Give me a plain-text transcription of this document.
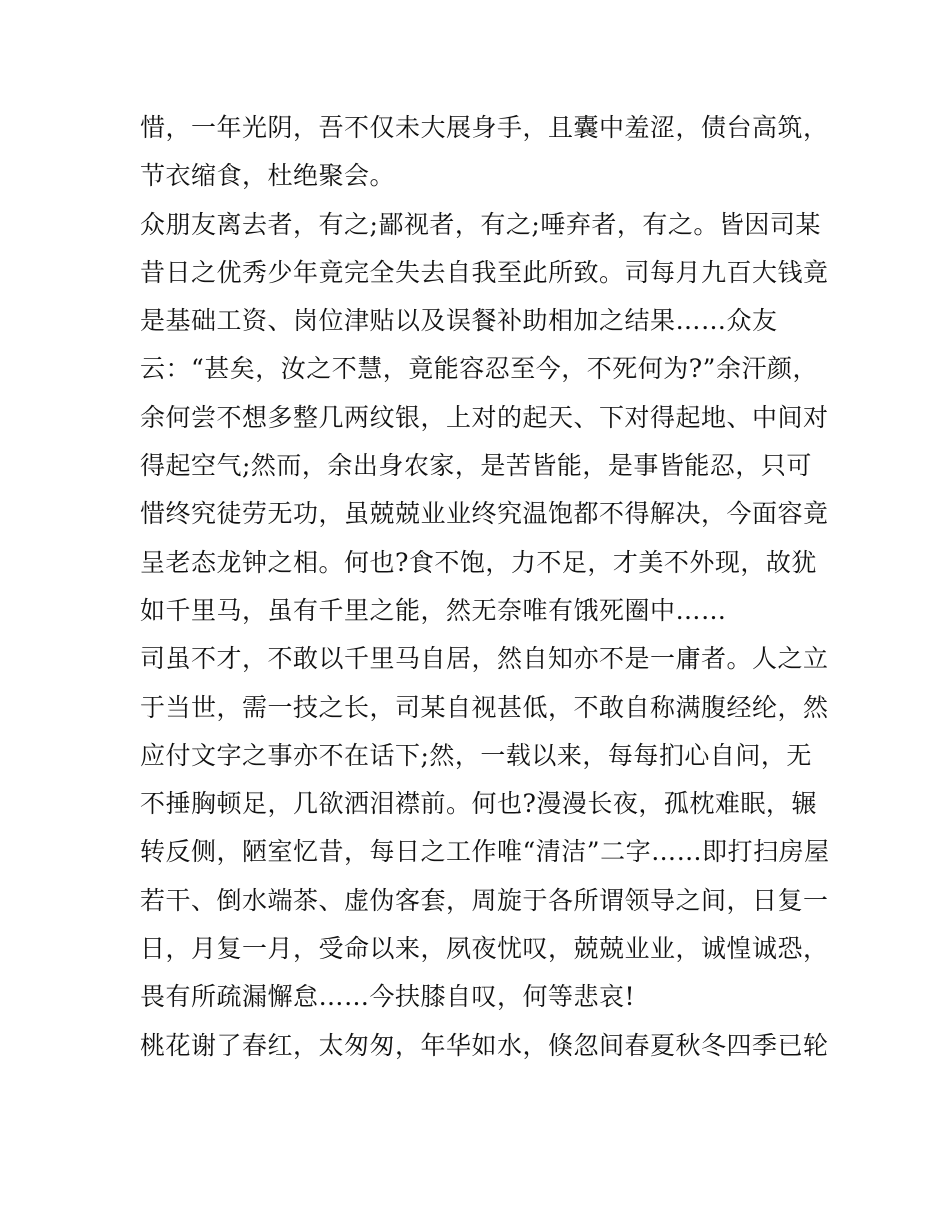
惜，一年光阴，吾不仅未大展身手，且囊中羞涩，债台高筑，
节衣缩食，杜绝聚会。
众朋友离去者，有之;鄙视者，有之;唾弃者，有之。皆因司某
昔日之优秀少年竟完全失去自我至此所致。司每月九百大钱竟
是基础工资、岗位津贴以及误餐补助相加之结果……众友
云：“甚矣，汝之不慧，竟能容忍至今，不死何为?”余汗颜，
余何尝不想多整几两纹银，上对的起天、下对得起地、中间对
得起空气;然而，余出身农家，是苦皆能，是事皆能忍，只可
惜终究徒劳无功，虽兢兢业业终究温饱都不得解决，今面容竟
呈老态龙钟之相。何也?食不饱，力不足，才美不外现，故犹
如千里马，虽有千里之能，然无奈唯有饿死圈中……
司虽不才，不敢以千里马自居，然自知亦不是一庸者。人之立
于当世，需一技之长，司某自视甚低，不敢自称满腹经纶，然
应付文字之事亦不在话下;然，一载以来，每每扪心自问，无
不捶胸顿足，几欲洒泪襟前。何也?漫漫长夜，孤枕难眠，辗
转反侧，陋室忆昔，每日之工作唯“清洁”二字……即打扫房屋
若干、倒水端茶、虚伪客套，周旋于各所谓领导之间，日复一
日，月复一月，受命以来，夙夜忧叹，兢兢业业，诚惶诚恐，
畏有所疏漏懈怠……今扶膝自叹，何等悲哀!
桃花谢了春红，太匆匆，年华如水，倏忽间春夏秋冬四季已轮
